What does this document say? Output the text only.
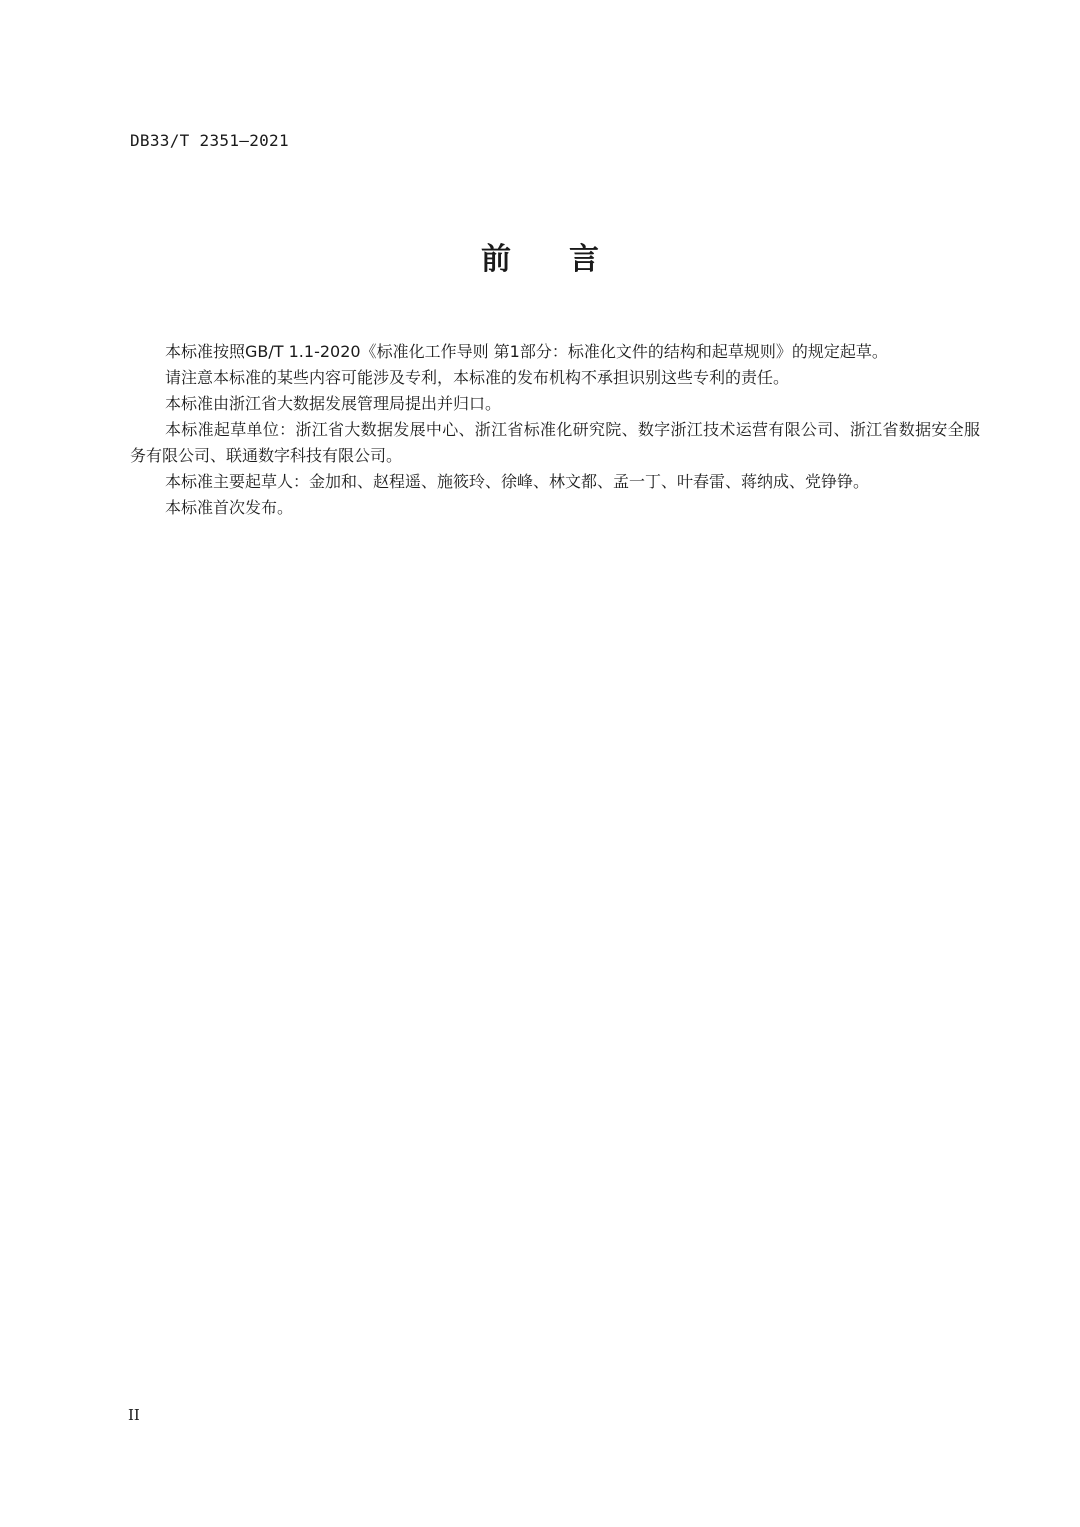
DB33/T 2351—2021
前言

本标准按照GB/T 1.1-2020《标准化工作导则 第1部分：标准化文件的结构和起草规则》的规定起草。

请注意本标准的某些内容可能涉及专利，本标准的发布机构不承担识别这些专利的责任。

本标准由浙江省大数据发展管理局提出并归口。

本标准起草单位：浙江省大数据发展中心、浙江省标准化研究院、数字浙江技术运营有限公司、浙江省数据安全服务有限公司、联通数字科技有限公司。

本标准主要起草人：金加和、赵程遥、施筱玲、徐峰、林文都、孟一丁、叶春雷、蒋纳成、党铮铮。

本标准首次发布。

II
